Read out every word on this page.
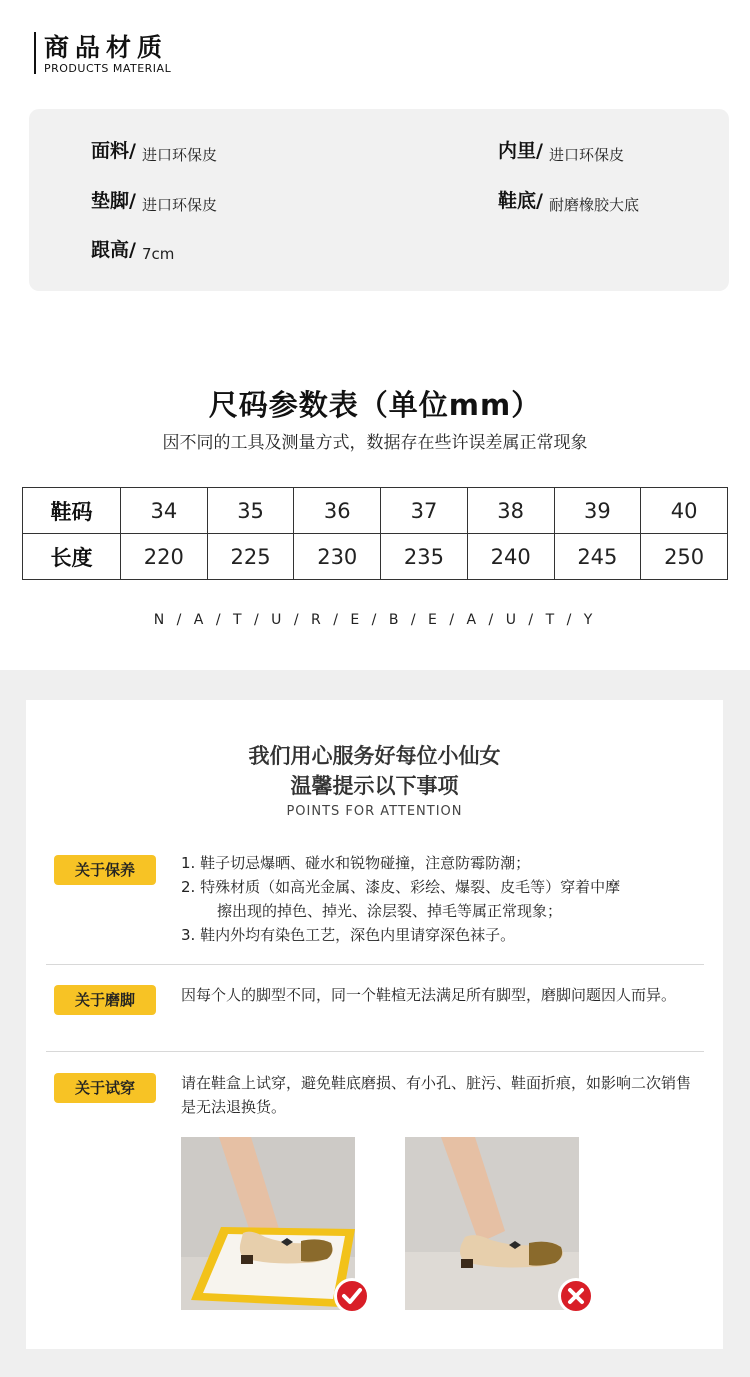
商品材质
PRODUCTS MATERIAL
面料/ 进口环保皮	内里/ 进口环保皮
垫脚/ 进口环保皮	鞋底/ 耐磨橡胶大底
跟高/ 7cm
尺码参数表（单位mm）
因不同的工具及测量方式，数据存在些许误差属正常现象
鞋码	34	35	36	37	38	39	40
长度	220	225	230	235	240	245	250
N / A / T / U / R / E / B / E / A / U / T / Y
我们用心服务好每位小仙女
温馨提示以下事项
POINTS FOR ATTENTION
关于保养	1. 鞋子切忌爆晒、碰水和锐物碰撞，注意防霉防潮；
2. 特殊材质（如高光金属、漆皮、彩绘、爆裂、皮毛等）穿着中摩
擦出现的掉色、掉光、涂层裂、掉毛等属正常现象；
3. 鞋内外均有染色工艺，深色内里请穿深色袜子。
关于磨脚	因每个人的脚型不同，同一个鞋楦无法满足所有脚型，磨脚问题因人而异。
关于试穿	请在鞋盒上试穿，避免鞋底磨损、有小孔、脏污、鞋面折痕，如影响二次销售是无法退换货。
